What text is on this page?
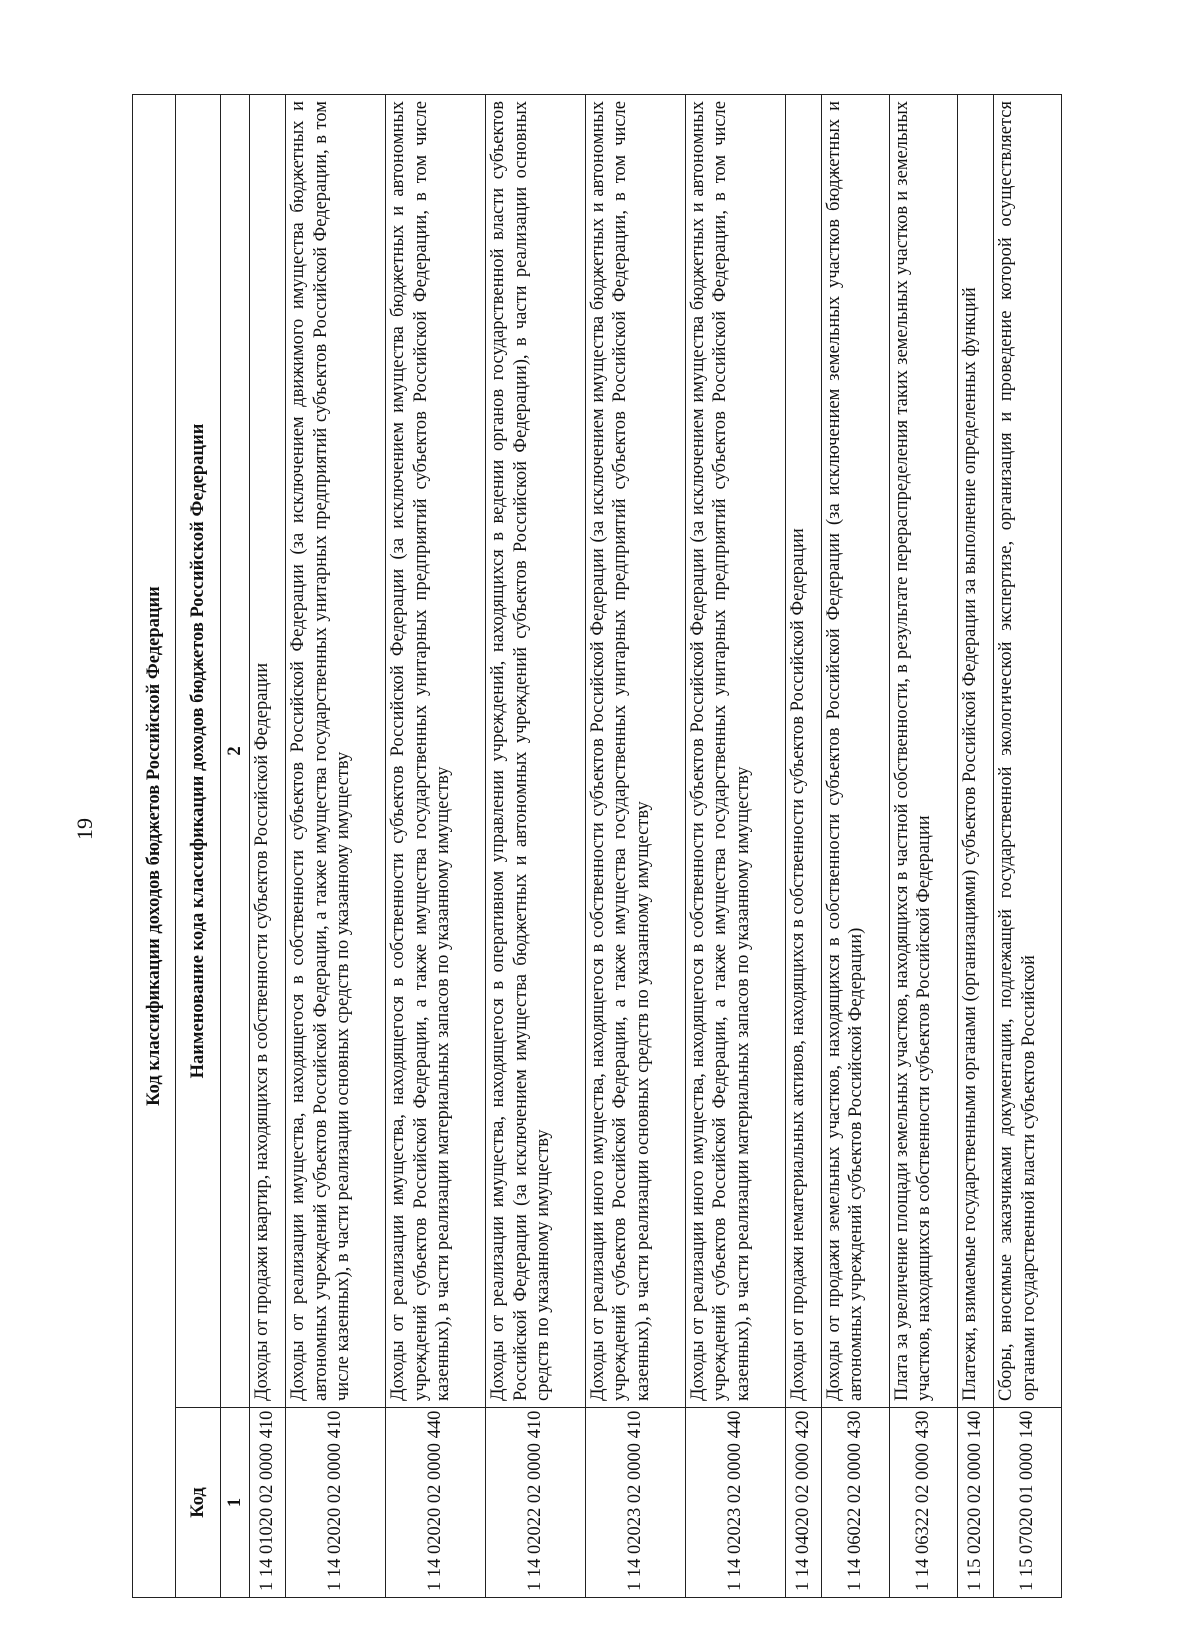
19	Код классификации доходов бюджетов Российской Федерации	
Код	Наименование кода классификации доходов бюджетов Российской Федерации
1	2
1 14 01020 02 0000 410	Доходы от продажи квартир, находящихся в собственности субъектов Российской Федерации
1 14 02020 02 0000 410	Доходы от реализации имущества, находящегося в собственности субъектов Российской Федерации (за исключением движимого имущества бюджетных и автономных учреждений субъектов Российской Федерации, а также имущества государственных унитарных предприятий субъектов Российской Федерации, в том числе казенных), в части реализации основных средств по указанному имуществу
1 14 02020 02 0000 440	Доходы от реализации имущества, находящегося в собственности субъектов Российской Федерации (за исключением имущества бюджетных и автономных учреждений субъектов Российской Федерации, а также имущества государственных унитарных предприятий субъектов Российской Федерации, в том числе казенных), в части реализации материальных запасов по указанному имуществу
1 14 02022 02 0000 410	Доходы от реализации имущества, находящегося в оперативном управлении учреждений, находящихся в ведении органов государственной власти субъектов Российской Федерации (за исключением имущества бюджетных и автономных учреждений субъектов Российской Федерации), в части реализации основных средств по указанному имуществу
1 14 02023 02 0000 410	Доходы от реализации иного имущества, находящегося в собственности субъектов Российской Федерации (за исключением имущества бюджетных и автономных учреждений субъектов Российской Федерации, а также имущества государственных унитарных предприятий субъектов Российской Федерации, в том числе казенных), в части реализации основных средств по указанному имуществу
1 14 02023 02 0000 440	Доходы от реализации иного имущества, находящегося в собственности субъектов Российской Федерации (за исключением имущества бюджетных и автономных учреждений субъектов Российской Федерации, а также имущества государственных унитарных предприятий субъектов Российской Федерации, в том числе казенных), в части реализации материальных запасов по указанному имуществу
1 14 04020 02 0000 420	Доходы от продажи нематериальных активов, находящихся в собственности субъектов Российской Федерации
1 14 06022 02 0000 430	Доходы от продажи земельных участков, находящихся в собственности субъектов Российской Федерации (за исключением земельных участков бюджетных и автономных учреждений субъектов Российской Федерации)
1 14 06322 02 0000 430	Плата за увеличение площади земельных участков, находящихся в частной собственности, в результате перераспределения таких земельных участков и земельных участков, находящихся в собственности субъектов Российской Федерации
1 15 02020 02 0000 140	Платежи, взимаемые государственными органами (организациями) субъектов Российской Федерации за выполнение определенных функций
1 15 07020 01 0000 140	Сборы, вносимые заказчиками документации, подлежащей государственной экологической экспертизе, организация и проведение которой осуществляется органами государственной власти субъектов Российской
